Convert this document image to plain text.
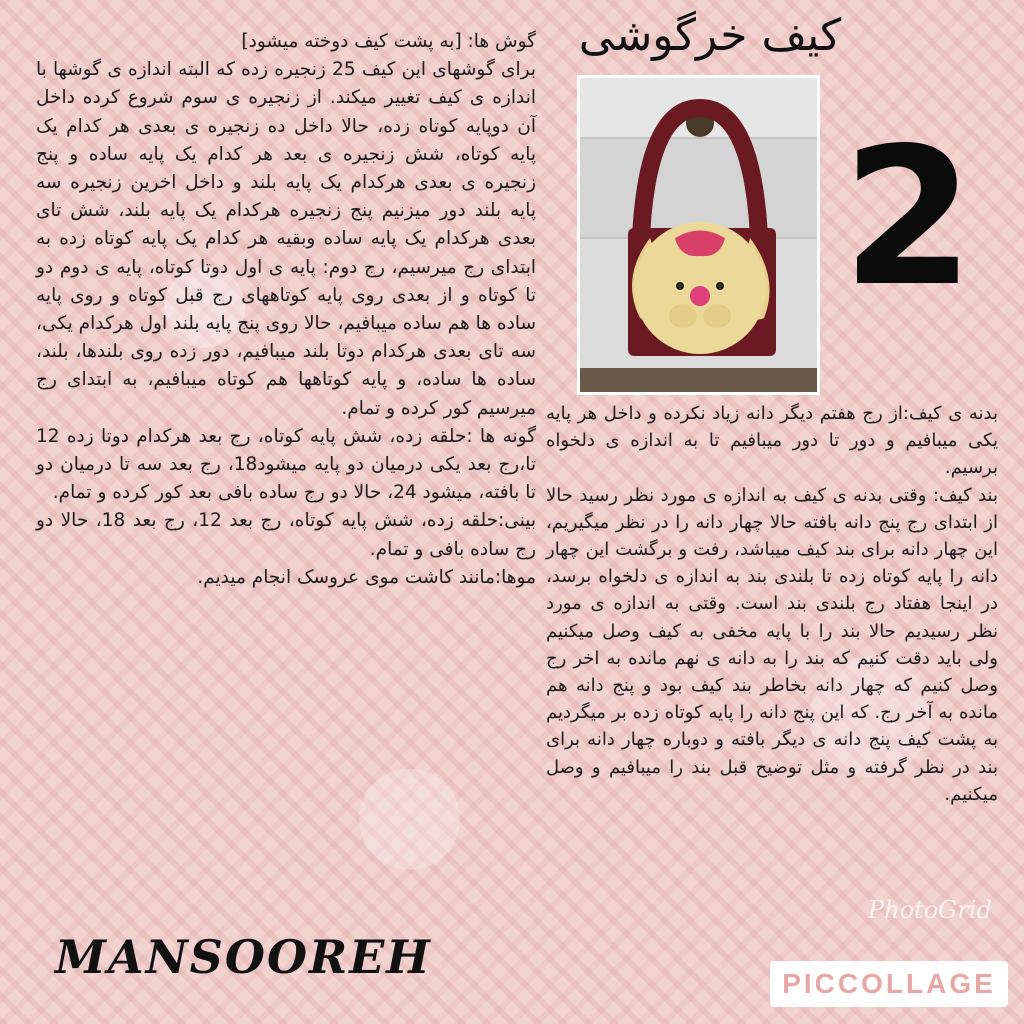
گوش ها: [به پشت کیف دوخته میشود]
برای گوشهای این کیف 25 زنجیره زده که البته اندازه ی گوشها با اندازه ی کیف تغییر میکند. از زنجیره ی سوم شروع کرده داخل آن دوپایه کوتاه زده، حالا داخل ده زنجیره ی بعدی هر کدام یک پایه کوتاه، شش زنجیره ی بعد هر کدام یک پایه ساده و پنج زنجیره ی بعدی هرکدام یک پایه بلند و داخل اخرین زنجیره سه پایه بلند دور میزنیم پنج زنجیره هرکدام یک پایه بلند، شش تای بعدی هرکدام یک پایه ساده وبقیه هر کدام یک پایه کوتاه زده به ابتدای رج میرسیم، رج دوم: پایه ی اول دوتا کوتاه، پایه ی دوم دو تا کوتاه و از بعدی روی پایه کوتاههای رج قبل کوتاه و روی پایه ساده ها هم ساده میبافیم، حالا روی پنج پایه بلند اول هرکدام یکی، سه تای بعدی هرکدام دوتا بلند میبافیم، دور زده روی بلندها، بلند، ساده ها ساده، و پایه کوتاهها هم کوتاه میبافیم، به ابتدای رج میرسیم کور کرده و تمام.
گونه ها :حلقه زده، شش پایه کوتاه، رج بعد هرکدام دوتا زده 12 تا،رج بعد یکی درمیان دو پایه میشود18، رج بعد سه تا درمیان دو تا بافته، میشود 24، حالا دو رج ساده بافی بعد کور کرده و تمام.
بینی:حلقه زده، شش پایه کوتاه، رج بعد 12، رج بعد 18، حالا دو رج ساده بافی و تمام.
موها:مانند کاشت موی عروسک انجام میدیم.

کیف خرگوشی
2

بدنه ی کیف:از رج هفتم دیگر دانه زیاد نکرده و داخل هر پایه یکی میبافیم و دور تا دور میبافیم تا به اندازه ی دلخواه برسیم.
بند کیف: وقتی بدنه ی کیف به اندازه ی مورد نظر رسید حالا از ابتدای رج پنج دانه بافته حالا چهار دانه را در نظر میگیریم، این چهار دانه برای بند کیف میباشد، رفت و برگشت این چهار دانه را پایه کوتاه زده تا بلندی بند به اندازه ی دلخواه برسد، در اینجا هفتاد رج بلندی بند است. وقتی به اندازه ی مورد نظر رسیدیم حالا بند را با پایه مخفی به کیف وصل میکنیم ولی باید دقت کنیم که بند را به دانه ی نهم مانده به اخر رج وصل کنیم که چهار دانه بخاطر بند کیف بود و پنج دانه هم مانده به آخر رج. که این پنج دانه را پایه کوتاه زده بر میگردیم به پشت کیف پنج دانه ی دیگر بافته و دوباره چهار دانه برای بند در نظر گرفته و مثل توضیح قبل بند را میبافیم و وصل میکنیم.

MANSOOREH
PhotoGrid
PICCOLLAGE
